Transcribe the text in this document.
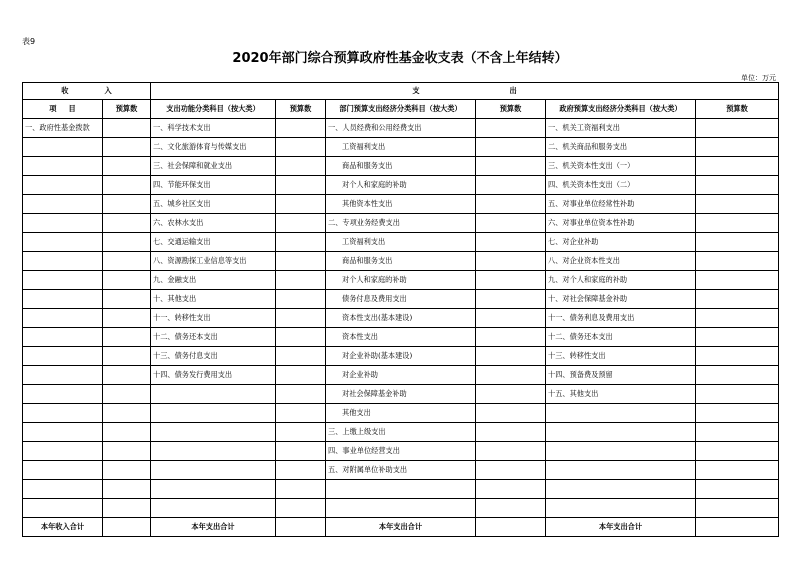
表9
2020年部门综合预算政府性基金收支表（不含上年结转）
单位：万元
收 入		支 出					
项 目	预算数	支出功能分类科目（按大类）	预算数	部门预算支出经济分类科目（按大类）	预算数	政府预算支出经济分类科目（按大类）	预算数
一、政府性基金拨款		一、科学技术支出		一、人员经费和公用经费支出		一、机关工资福利支出	
		二、文化旅游体育与传媒支出		工资福利支出		二、机关商品和服务支出	
		三、社会保障和就业支出		商品和服务支出		三、机关资本性支出（一）	
		四、节能环保支出		对个人和家庭的补助		四、机关资本性支出（二）	
		五、城乡社区支出		其他资本性支出		五、对事业单位经常性补助	
		六、农林水支出		二、专项业务经费支出		六、对事业单位资本性补助	
		七、交通运输支出		工资福利支出		七、对企业补助	
		八、资源勘探工业信息等支出		商品和服务支出		八、对企业资本性支出	
		九、金融支出		对个人和家庭的补助		九、对个人和家庭的补助	
		十、其他支出		债务付息及费用支出		十、对社会保障基金补助	
		十一、转移性支出		资本性支出(基本建设)		十一、债务利息及费用支出	
		十二、债务还本支出		资本性支出		十二、债务还本支出	
		十三、债务付息支出		对企业补助(基本建设)		十三、转移性支出	
		十四、债务发行费用支出		对企业补助		十四、预备费及预留	
				对社会保障基金补助		十五、其他支出	
				其他支出			
				三、上缴上级支出			
				四、事业单位经营支出			
				五、对附属单位补助支出			

本年收入合计		本年支出合计		本年支出合计		本年支出合计	
